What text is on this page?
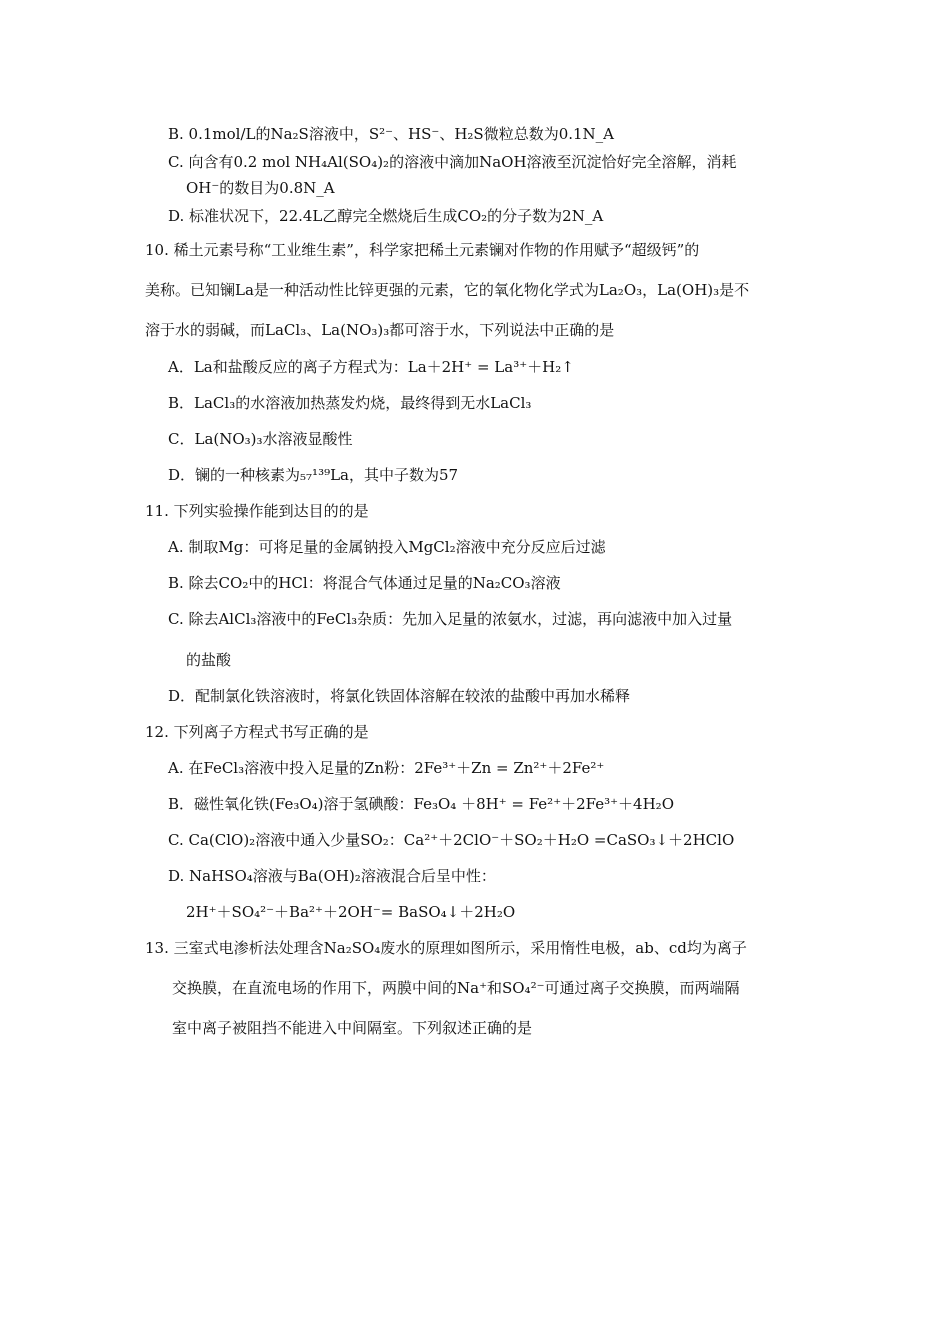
B. 0.1mol/L的Na₂S溶液中，S²⁻、HS⁻、H₂S微粒总数为0.1N_A
C. 向含有0.2 mol NH₄Al(SO₄)₂的溶液中滴加NaOH溶液至沉淀恰好完全溶解，消耗
OH⁻的数目为0.8N_A
D. 标准状况下，22.4L乙醇完全燃烧后生成CO₂的分子数为2N_A
10. 稀土元素号称“工业维生素”，科学家把稀土元素镧对作物的作用赋予“超级钙”的
美称。已知镧La是一种活动性比锌更强的元素，它的氧化物化学式为La₂O₃，La(OH)₃是不
溶于水的弱碱，而LaCl₃、La(NO₃)₃都可溶于水，下列说法中正确的是
A．La和盐酸反应的离子方程式为：La＋2H⁺ = La³⁺＋H₂↑
B．LaCl₃的水溶液加热蒸发灼烧，最终得到无水LaCl₃
C．La(NO₃)₃水溶液显酸性
D．镧的一种核素为₅₇¹³⁹La，其中子数为57
11. 下列实验操作能到达目的的是
A. 制取Mg：可将足量的金属钠投入MgCl₂溶液中充分反应后过滤
B. 除去CO₂中的HCl：将混合气体通过足量的Na₂CO₃溶液
C. 除去AlCl₃溶液中的FeCl₃杂质：先加入足量的浓氨水，过滤，再向滤液中加入过量
的盐酸
D．配制氯化铁溶液时，将氯化铁固体溶解在较浓的盐酸中再加水稀释
12. 下列离子方程式书写正确的是
A. 在FeCl₃溶液中投入足量的Zn粉：2Fe³⁺＋Zn = Zn²⁺＋2Fe²⁺
B．磁性氧化铁(Fe₃O₄)溶于氢碘酸：Fe₃O₄ ＋8H⁺ = Fe²⁺＋2Fe³⁺＋4H₂O
C. Ca(ClO)₂溶液中通入少量SO₂：Ca²⁺＋2ClO⁻＋SO₂＋H₂O =CaSO₃↓＋2HClO
D. NaHSO₄溶液与Ba(OH)₂溶液混合后呈中性：
2H⁺＋SO₄²⁻＋Ba²⁺＋2OH⁻= BaSO₄↓＋2H₂O
13. 三室式电渗析法处理含Na₂SO₄废水的原理如图所示，采用惰性电极，ab、cd均为离子
交换膜，在直流电场的作用下，两膜中间的Na⁺和SO₄²⁻可通过离子交换膜，而两端隔
室中离子被阻挡不能进入中间隔室。下列叙述正确的是
